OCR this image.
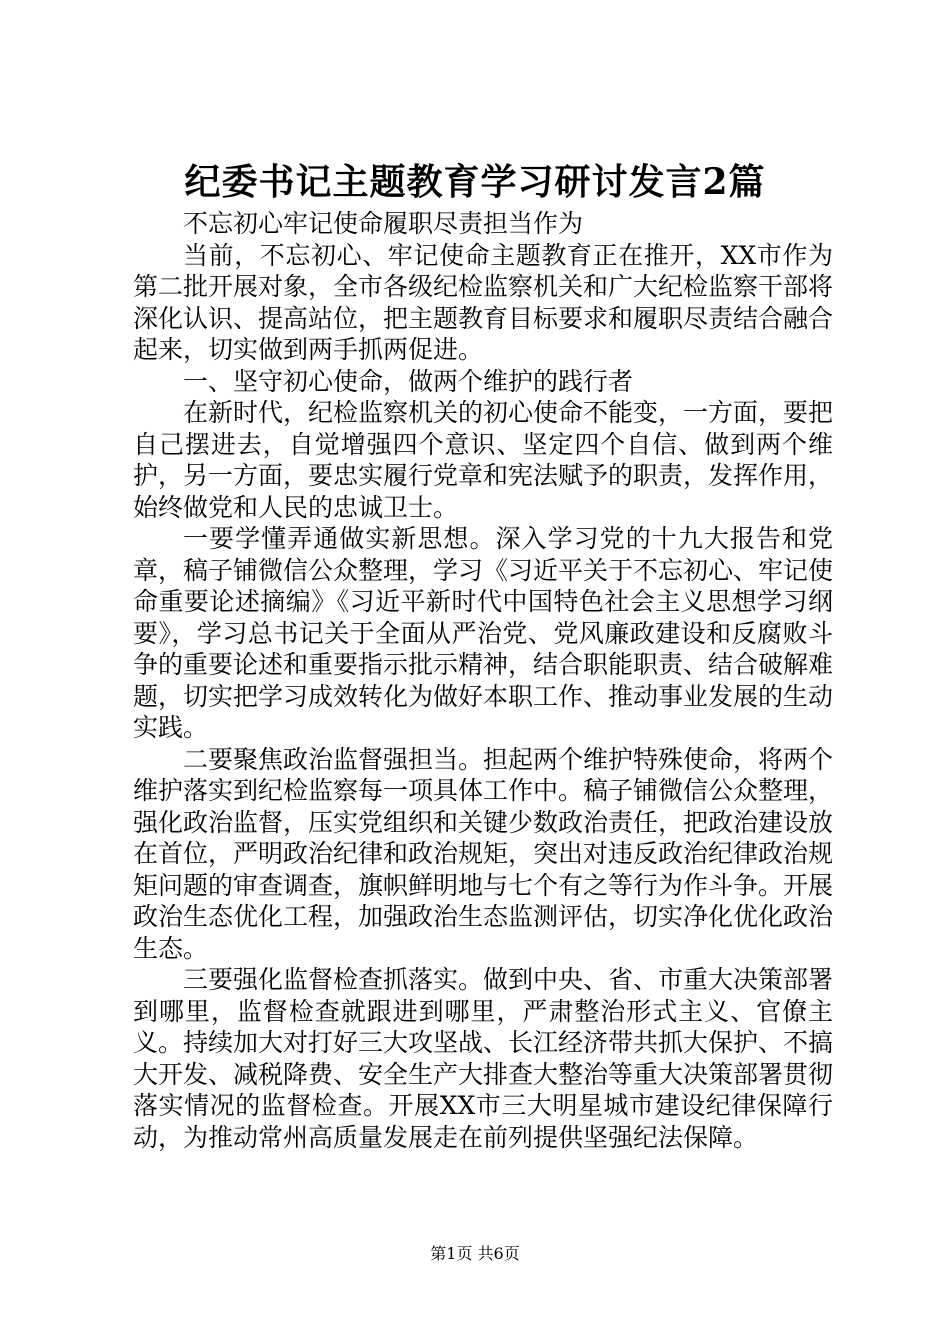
纪委书记主题教育学习研讨发言2篇

不忘初心牢记使命履职尽责担当作为

当前，不忘初心、牢记使命主题教育正在推开，XX市作为第二批开展对象，全市各级纪检监察机关和广大纪检监察干部将深化认识、提高站位，把主题教育目标要求和履职尽责结合融合起来，切实做到两手抓两促进。

一、坚守初心使命，做两个维护的践行者

在新时代，纪检监察机关的初心使命不能变，一方面，要把自己摆进去，自觉增强四个意识、坚定四个自信、做到两个维护，另一方面，要忠实履行党章和宪法赋予的职责，发挥作用，始终做党和人民的忠诚卫士。

一要学懂弄通做实新思想。深入学习党的十九大报告和党章，稿子铺微信公众整理，学习《习近平关于不忘初心、牢记使命重要论述摘编》《习近平新时代中国特色社会主义思想学习纲要》，学习总书记关于全面从严治党、党风廉政建设和反腐败斗争的重要论述和重要指示批示精神，结合职能职责、结合破解难题，切实把学习成效转化为做好本职工作、推动事业发展的生动实践。

二要聚焦政治监督强担当。担起两个维护特殊使命，将两个维护落实到纪检监察每一项具体工作中。稿子铺微信公众整理，强化政治监督，压实党组织和关键少数政治责任，把政治建设放在首位，严明政治纪律和政治规矩，突出对违反政治纪律政治规矩问题的审查调查，旗帜鲜明地与七个有之等行为作斗争。开展政治生态优化工程，加强政治生态监测评估，切实净化优化政治生态。

三要强化监督检查抓落实。做到中央、省、市重大决策部署到哪里，监督检查就跟进到哪里，严肃整治形式主义、官僚主义。持续加大对打好三大攻坚战、长江经济带共抓大保护、不搞大开发、减税降费、安全生产大排查大整治等重大决策部署贯彻落实情况的监督检查。开展XX市三大明星城市建设纪律保障行动，为推动常州高质量发展走在前列提供坚强纪法保障。

第1页 共6页
